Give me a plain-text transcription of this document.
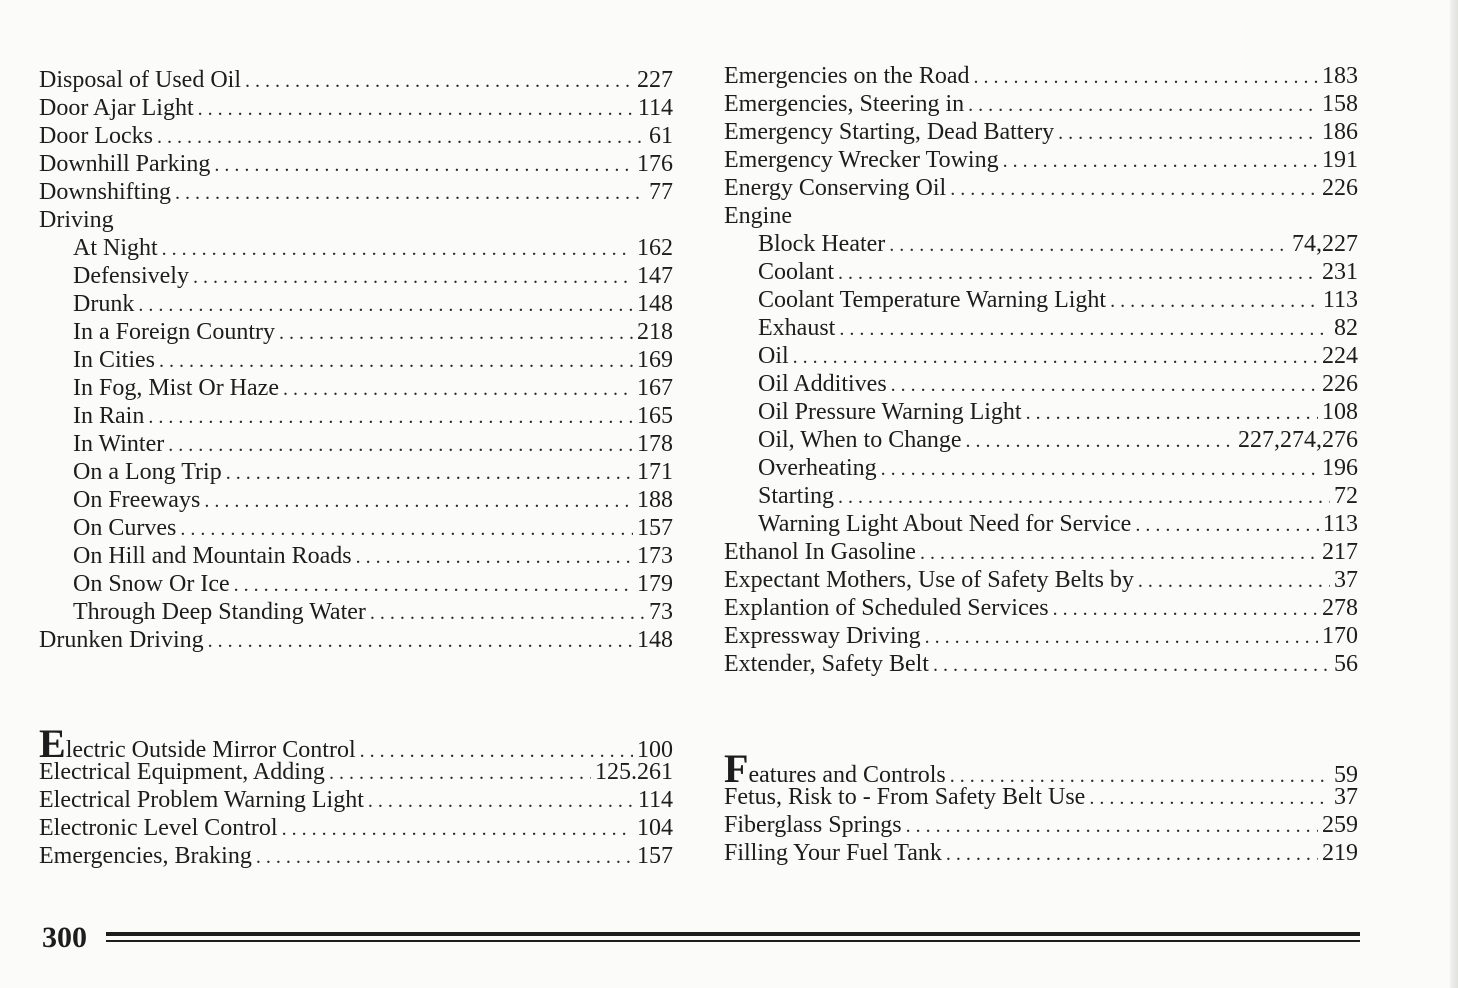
Disposal of Used Oil . . .	227
Door Ajar Light . . .	114
Door Locks . . .	61
Downhill Parking . . .	176
Downshifting . . .	77
Driving
At Night . . .	162
Defensively . . .	147
Drunk . . .	148
In a Foreign Country . . .	218
In Cities . . .	169
In Fog, Mist Or Haze . . .	167
In Rain . . .	165
In Winter . . .	178
On a Long Trip . . .	171
On Freeways . . .	188
On Curves . . .	157
On Hill and Mountain Roads . . .	173
On Snow Or Ice . . .	179
Through Deep Standing Water . . .	73
Drunken Driving . . .	148
Electric Outside Mirror Control . . .	100
Electrical Equipment, Adding . . .	125.261
Electrical Problem Warning Light . . .	114
Electronic Level Control . . .	104
Emergencies, Braking . . .	157
Emergencies on the Road . . .	183
Emergencies, Steering in . . .	158
Emergency Starting, Dead Battery . . .	186
Emergency Wrecker Towing . . .	191
Energy Conserving Oil . . .	226
Engine
Block Heater . . .	74,227
Coolant . . .	231
Coolant Temperature Warning Light . . .	113
Exhaust . . .	82
Oil . . .	224
Oil Additives . . .	226
Oil Pressure Warning Light . . .	108
Oil, When to Change . . .	227,274,276
Overheating . . .	196
Starting . . .	72
Warning Light About Need for Service . . .	113
Ethanol In Gasoline . . .	217
Expectant Mothers, Use of Safety Belts by . . .	37
Explantion of Scheduled Services . . .	278
Expressway Driving . . .	170
Extender, Safety Belt . . .	56
Features and Controls . . .	59
Fetus, Risk to - From Safety Belt Use . . .	37
Fiberglass Springs . . .	259
Filling Your Fuel Tank . . .	219
300
